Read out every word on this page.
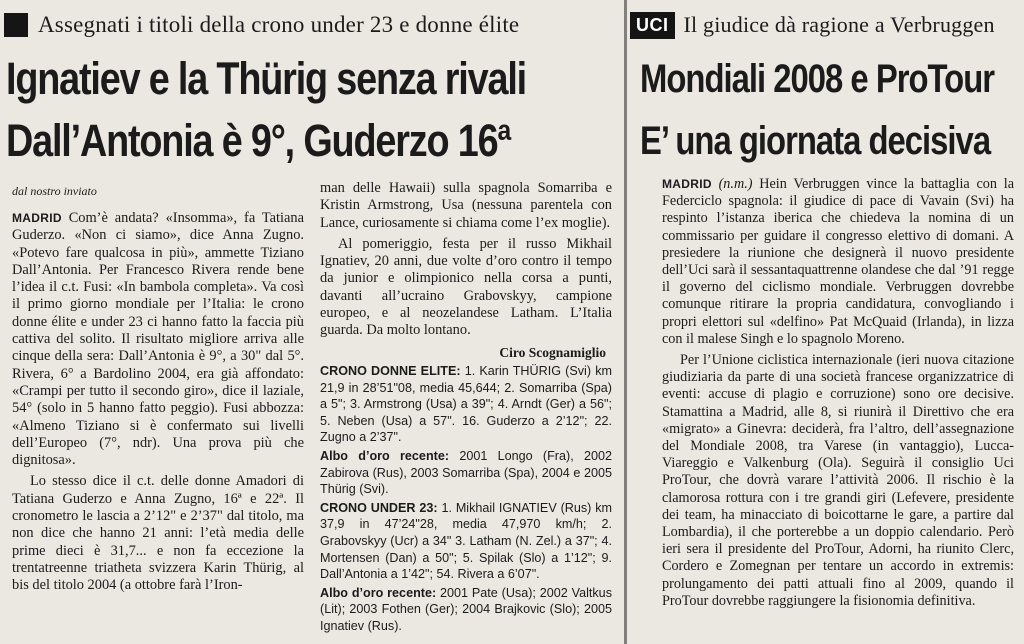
Assegnati i titoli della crono under 23 e donne élite
Ignatiev e la Thürig senza rivali
Dall’Antonia è 9°, Guderzo 16ª
dal nostro inviato

MADRID Com’è andata? «Insomma», fa Tatiana Guderzo. «Non ci siamo», dice Anna Zugno. «Potevo fare qualcosa in più», ammette Tiziano Dall’Antonia. Per Francesco Rivera rende bene l’idea il c.t. Fusi: «In bambola completa». Va così il primo giorno mondiale per l’Italia: le crono donne élite e under 23 ci hanno fatto la faccia più cattiva del solito. Il risultato migliore arriva alle cinque della sera: Dall’Antonia è 9°, a 30" dal 5°. Rivera, 6° a Bardolino 2004, era già affondato: «Crampi per tutto il secondo giro», dice il laziale, 54° (solo in 5 hanno fatto peggio). Fusi abbozza: «Almeno Tiziano si è confermato sui livelli dell’Europeo (7°, ndr). Una prova più che dignitosa».

Lo stesso dice il c.t. delle donne Amadori di Tatiana Guderzo e Anna Zugno, 16ª e 22ª. Il cronometro le lascia a 2’12" e 2’37" dal titolo, ma non dice che hanno 21 anni: l’età media delle prime dieci è 31,7... e non fa eccezione la trentatreenne triatheta svizzera Karin Thürig, al bis del titolo 2004 (a ottobre farà l’Iron-

man delle Hawaii) sulla spagnola Somarriba e Kristin Armstrong, Usa (nessuna parentela con Lance, curiosamente si chiama come l’ex moglie).

Al pomeriggio, festa per il russo Mikhail Ignatiev, 20 anni, due volte d’oro contro il tempo da junior e olimpionico nella corsa a punti, davanti all’ucraino Grabovskyy, campione europeo, e al neozelandese Latham. L’Italia guarda. Da molto lontano.

Ciro Scognamiglio

CRONO DONNE ELITE: 1. Karin THÜRIG (Svi) km 21,9 in 28’51"08, media 45,644; 2. Somarriba (Spa) a 5"; 3. Armstrong (Usa) a 39"; 4. Arndt (Ger) a 56"; 5. Neben (Usa) a 57". 16. Guderzo a 2’12"; 22. Zugno a 2’37".

Albo d’oro recente: 2001 Longo (Fra), 2002 Zabirova (Rus), 2003 Somarriba (Spa), 2004 e 2005 Thürig (Svi).

CRONO UNDER 23: 1. Mikhail IGNATIEV (Rus) km 37,9 in 47’24"28, media 47,970 km/h; 2. Grabovskyy (Ucr) a 34" 3. Latham (N. Zel.) a 37"; 4. Mortensen (Dan) a 50"; 5. Spilak (Slo) a 1’12"; 9. Dall’Antonia a 1’42"; 54. Rivera a 6’07".

Albo d’oro recente: 2001 Pate (Usa); 2002 Valtkus (Lit); 2003 Fothen (Ger); 2004 Brajkovic (Slo); 2005 Ignatiev (Rus).

UCI Il giudice dà ragione a Verbruggen
Mondiali 2008 e ProTour
E’ una giornata decisiva

MADRID (n.m.) Hein Verbruggen vince la battaglia con la Federciclo spagnola: il giudice di pace di Vavain (Svi) ha respinto l’istanza iberica che chiedeva la nomina di un commissario per guidare il congresso elettivo di domani. A presiedere la riunione che designerà il nuovo presidente dell’Uci sarà il sessantaquattrenne olandese che dal ’91 regge il governo del ciclismo mondiale. Verbruggen dovrebbe comunque ritirare la propria candidatura, convogliando i propri elettori sul «delfino» Pat McQuaid (Irlanda), in lizza con il malese Singh e lo spagnolo Moreno.

Per l’Unione ciclistica internazionale (ieri nuova citazione giudiziaria da parte di una società francese organizzatrice di eventi: accuse di plagio e corruzione) sono ore decisive. Stamattina a Madrid, alle 8, si riunirà il Direttivo che era «migrato» a Ginevra: deciderà, fra l’altro, dell’assegnazione del Mondiale 2008, tra Varese (in vantaggio), Lucca-Viareggio e Valkenburg (Ola). Seguirà il consiglio Uci ProTour, che dovrà varare l’attività 2006. Il rischio è la clamorosa rottura con i tre grandi giri (Lefevere, presidente dei team, ha minacciato di boicottarne le gare, a partire dal Lombardia), il che porterebbe a un doppio calendario. Però ieri sera il presidente del ProTour, Adorni, ha riunito Clerc, Cordero e Zomegnan per tentare un accordo in extremis: prolungamento dei patti attuali fino al 2009, quando il ProTour dovrebbe raggiungere la fisionomia definitiva.
